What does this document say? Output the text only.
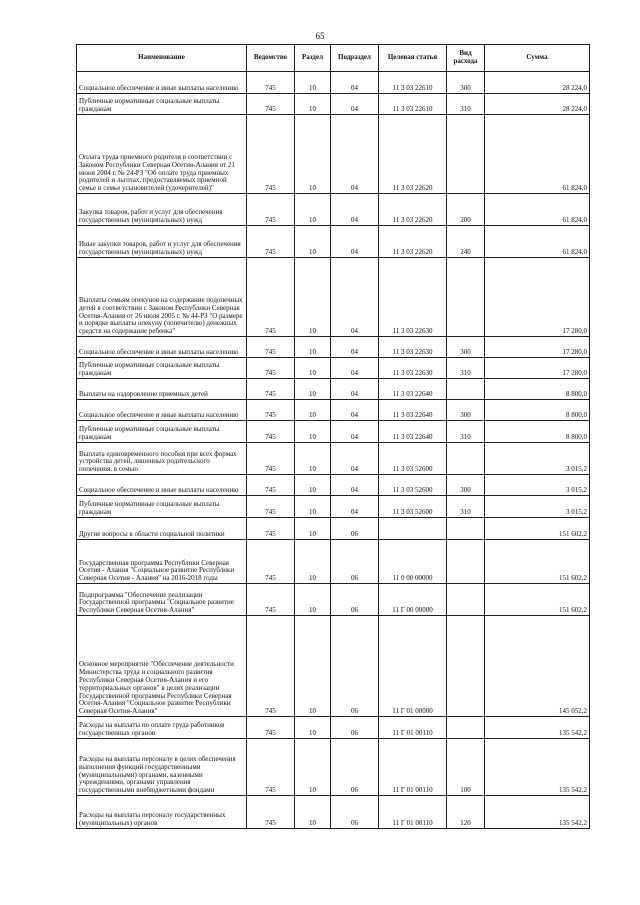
65
Наименование	Ведомство	Раздел	Подраздел	Целевая статья	Вид расхода	Сумма
Социальное обеспечение и иные выплаты населению	745	10	04	11 3 03 22610	300	28 224,0
Публичные нормативные социальные выплаты гражданам	745	10	04	11 3 03 22610	310	28 224,0
Оплата труда приемного родителя в соответствии с Законом Республики Северная Осетия-Алания от 21 июня 2004 г. № 24-РЗ "Об оплате труда приемных родителей и льготах, предоставляемых приемной семье и семье усыновителей (удочерителей)"	745	10	04	11 3 03 22620		61 824,0
Закупка товаров, работ и услуг для обеспечения государственных (муниципальных) нужд	745	10	04	11 3 03 22620	200	61 824,0
Иные закупки товаров, работ и услуг для обеспечения государственных (муниципальных) нужд	745	10	04	11 3 03 22620	240	61 824,0
Выплаты семьям опекунов на содержание подопечных детей в соответствии с Законом Республики Северная Осетия-Алания от 26 июля 2005 г. № 44-РЗ "О размере и порядке выплаты опекуну (попечителю) денежных средств на содержание ребенка"	745	10	04	11 3 03 22630		17 280,0
Социальное обеспечение и иные выплаты населению	745	10	04	11 3 03 22630	300	17 280,0
Публичные нормативные социальные выплаты гражданам	745	10	04	11 3 03 22630	310	17 280,0
Выплаты на оздоровление приемных детей	745	10	04	11 3 03 22640		8 800,0
Социальное обеспечение и иные выплаты населению	745	10	04	11 3 03 22640	300	8 800,0
Публичные нормативные социальные выплаты гражданам	745	10	04	11 3 03 22640	310	8 800,0
Выплата единовременного пособия при всех формах устройства детей, лишенных родительского попечения, в семью	745	10	04	11 3 03 52600		3 015,2
Социальное обеспечение и иные выплаты населению	745	10	04	11 3 03 52600	300	3 015,2
Публичные нормативные социальные выплаты гражданам	745	10	04	11 3 03 52600	310	3 015,2
Другие вопросы в области социальной политики	745	10	06			151 602,2
Государственная программа Республики Северная Осетия - Алания "Социальное развитие Республики Северная Осетия - Алания" на 2016-2018 годы	745	10	06	11 0 00 00000		151 602,2
Подпрограмма "Обеспечение реализации Государственной программы "Социальное развитие Республики Северная Осетия-Алания"	745	10	06	11 Г 00 00000		151 602,2
Основное мероприятие "Обеспечение деятельности Министерства труда и социального развития Республики Северная Осетия-Алания и его территориальных органов" в целях реализации Государственной программы Республики Северная Осетия-Алания "Социальное развитие Республики Северная Осетия-Алания"	745	10	06	11 Г 01 00000		145 052,2
Расходы на выплаты по оплате труда работников государственных органов	745	10	06	11 Г 01 00110		135 542,2
Расходы на выплаты персоналу в целях обеспечения выполнения функций государственными (муниципальными) органами, казенными учреждениями, органами управления государственными внебюджетными фондами	745	10	06	11 Г 01 00110	100	135 542,2
Расходы на выплаты персоналу государственных (муниципальных) органов	745	10	06	11 Г 01 00110	120	135 542,2
